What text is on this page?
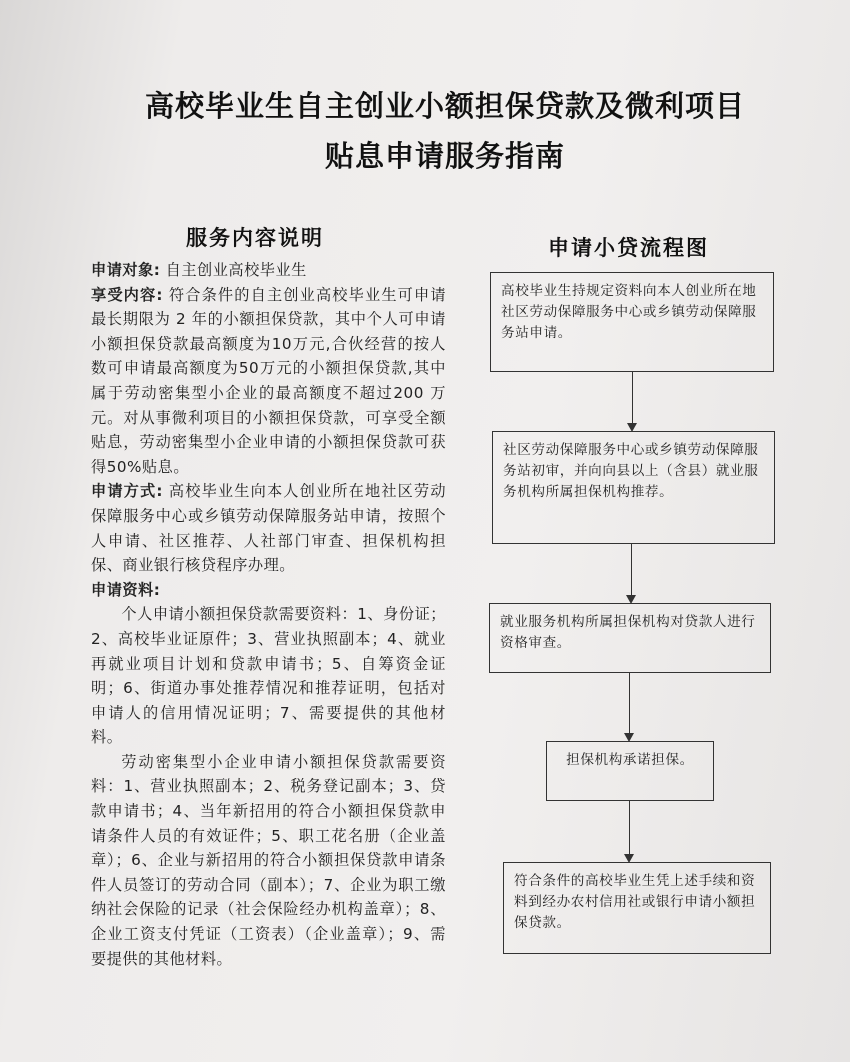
高校毕业生自主创业小额担保贷款及微利项目
贴息申请服务指南
服务内容说明

申请对象: 自主创业高校毕业生

享受内容: 符合条件的自主创业高校毕业生可申请最长期限为 2 年的小额担保贷款，其中个人可申请小额担保贷款最高额度为10万元,合伙经营的按人数可申请最高额度为50万元的小额担保贷款,其中属于劳动密集型小企业的最高额度不超过200 万元。对从事微利项目的小额担保贷款，可享受全额贴息，劳动密集型小企业申请的小额担保贷款可获得50%贴息。

申请方式: 高校毕业生向本人创业所在地社区劳动保障服务中心或乡镇劳动保障服务站申请，按照个人申请、社区推荐、人社部门审查、担保机构担保、商业银行核贷程序办理。

申请资料:

个人申请小额担保贷款需要资料：1、身份证；2、高校毕业证原件；3、营业执照副本；4、就业再就业项目计划和贷款申请书；5、自筹资金证明；6、街道办事处推荐情况和推荐证明，包括对申请人的信用情况证明；7、需要提供的其他材料。

劳动密集型小企业申请小额担保贷款需要资料：1、营业执照副本；2、税务登记副本；3、贷款申请书；4、当年新招用的符合小额担保贷款申请条件人员的有效证件；5、职工花名册（企业盖章）；6、企业与新招用的符合小额担保贷款申请条件人员签订的劳动合同（副本）；7、企业为职工缴纳社会保险的记录（社会保险经办机构盖章）；8、企业工资支付凭证（工资表）（企业盖章）；9、需要提供的其他材料。

申请小贷流程图
高校毕业生持规定资料向本人创业所在地社区劳动保障服务中心或乡镇劳动保障服务站申请。
社区劳动保障服务中心或乡镇劳动保障服务站初审，并向向县以上（含县）就业服务机构所属担保机构推荐。
就业服务机构所属担保机构对贷款人进行资格审查。
担保机构承诺担保。
符合条件的高校毕业生凭上述手续和资料到经办农村信用社或银行申请小额担保贷款。
